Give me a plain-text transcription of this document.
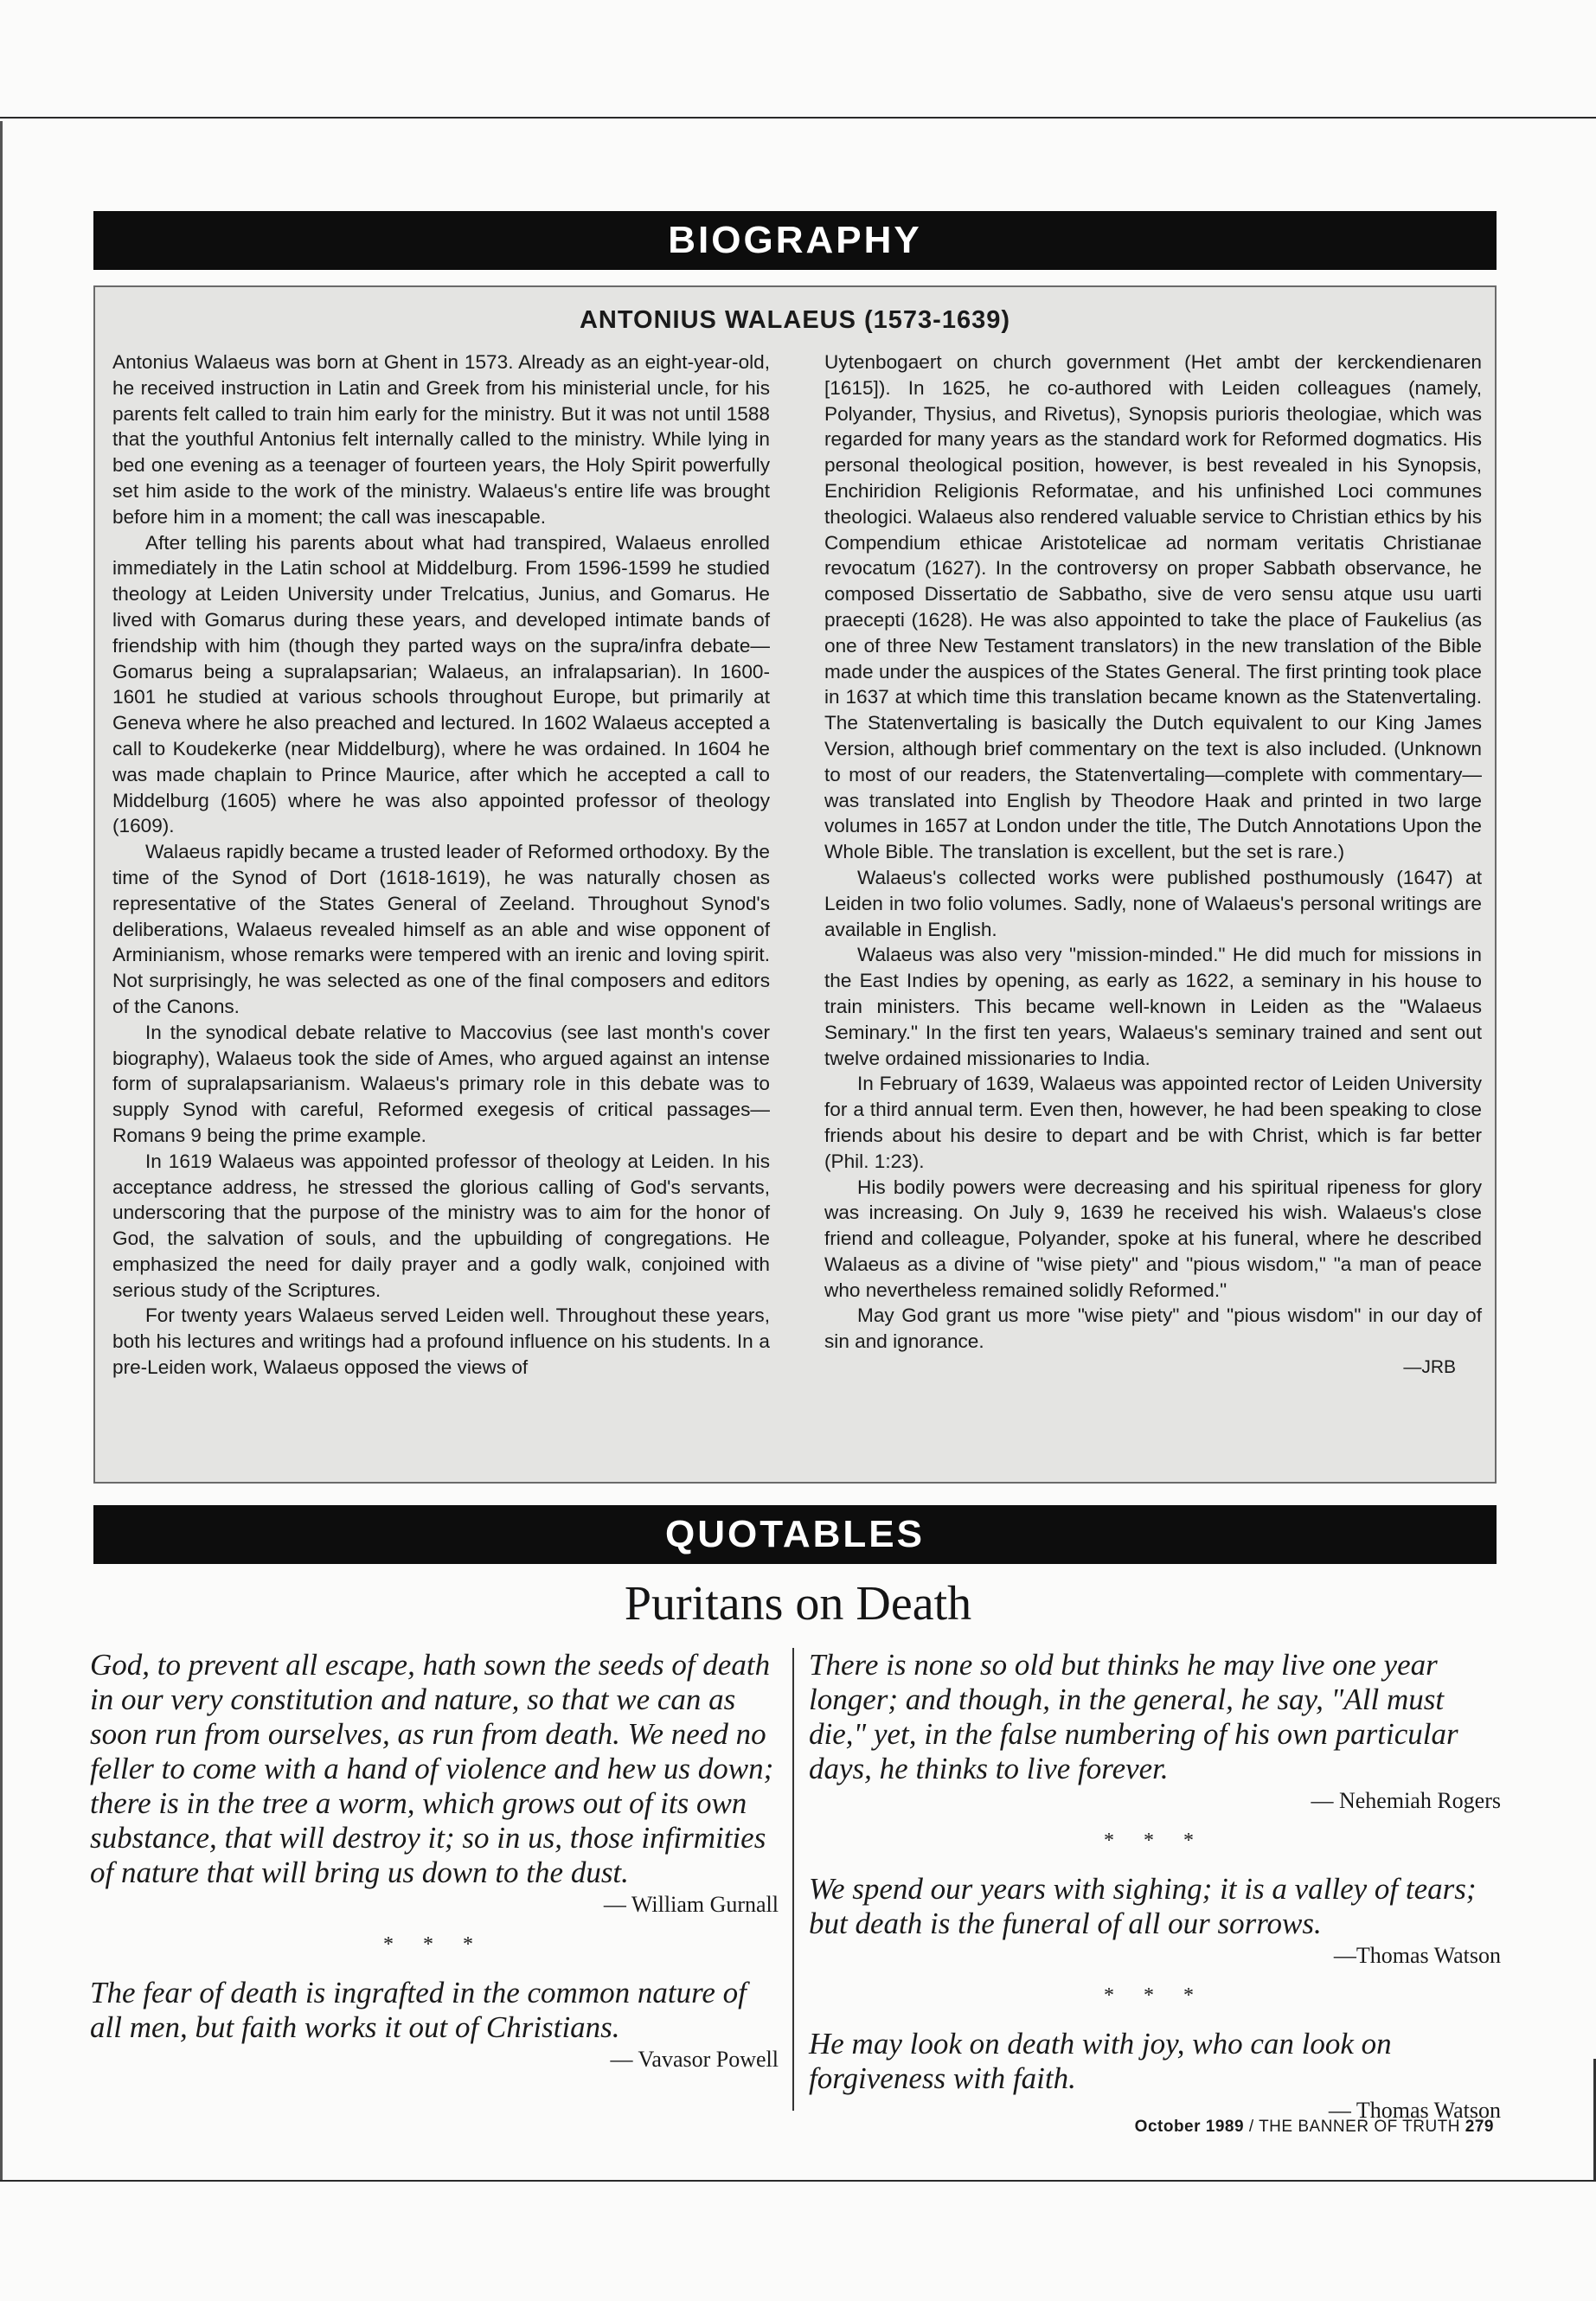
BIOGRAPHY
ANTONIUS WALAEUS (1573-1639)

Antonius Walaeus was born at Ghent in 1573. Already as an eight-year-old, he received instruction in Latin and Greek from his ministerial uncle, for his parents felt called to train him early for the ministry. But it was not until 1588 that the youthful Antonius felt internally called to the ministry. While lying in bed one evening as a teenager of fourteen years, the Holy Spirit powerfully set him aside to the work of the ministry. Walaeus's entire life was brought before him in a moment; the call was inescapable.

After telling his parents about what had transpired, Walaeus enrolled immediately in the Latin school at Middelburg. From 1596-1599 he studied theology at Leiden University under Trelcatius, Junius, and Gomarus. He lived with Gomarus during these years, and developed intimate bands of friendship with him (though they parted ways on the supra/infra debate—Gomarus being a supralapsarian; Walaeus, an infralapsarian). In 1600-1601 he studied at various schools throughout Europe, but primarily at Geneva where he also preached and lectured. In 1602 Walaeus accepted a call to Koudekerke (near Middelburg), where he was ordained. In 1604 he was made chaplain to Prince Maurice, after which he accepted a call to Middelburg (1605) where he was also appointed professor of theology (1609).

Walaeus rapidly became a trusted leader of Reformed orthodoxy. By the time of the Synod of Dort (1618-1619), he was naturally chosen as representative of the States General of Zeeland. Throughout Synod's deliberations, Walaeus revealed himself as an able and wise opponent of Arminianism, whose remarks were tempered with an irenic and loving spirit. Not surprisingly, he was selected as one of the final composers and editors of the Canons.

In the synodical debate relative to Maccovius (see last month's cover biography), Walaeus took the side of Ames, who argued against an intense form of supralapsarianism. Walaeus's primary role in this debate was to supply Synod with careful, Reformed exegesis of critical passages—Romans 9 being the prime example.

In 1619 Walaeus was appointed professor of theology at Leiden. In his acceptance address, he stressed the glorious calling of God's servants, underscoring that the purpose of the ministry was to aim for the honor of God, the salvation of souls, and the upbuilding of congregations. He emphasized the need for daily prayer and a godly walk, conjoined with serious study of the Scriptures.

For twenty years Walaeus served Leiden well. Throughout these years, both his lectures and writings had a profound influence on his students. In a pre-Leiden work, Walaeus opposed the views of

Uytenbogaert on church government (Het ambt der kerckendienaren [1615]). In 1625, he co-authored with Leiden colleagues (namely, Polyander, Thysius, and Rivetus), Synopsis purioris theologiae, which was regarded for many years as the standard work for Reformed dogmatics. His personal theological position, however, is best revealed in his Synopsis, Enchiridion Religionis Reformatae, and his unfinished Loci communes theologici. Walaeus also rendered valuable service to Christian ethics by his Compendium ethicae Aristotelicae ad normam veritatis Christianae revocatum (1627). In the controversy on proper Sabbath observance, he composed Dissertatio de Sabbatho, sive de vero sensu atque usu uarti praecepti (1628). He was also appointed to take the place of Faukelius (as one of three New Testament translators) in the new translation of the Bible made under the auspices of the States General. The first printing took place in 1637 at which time this translation became known as the Statenvertaling. The Statenvertaling is basically the Dutch equivalent to our King James Version, although brief commentary on the text is also included. (Unknown to most of our readers, the Statenvertaling—complete with commentary—was translated into English by Theodore Haak and printed in two large volumes in 1657 at London under the title, The Dutch Annotations Upon the Whole Bible. The translation is excellent, but the set is rare.)

Walaeus's collected works were published posthumously (1647) at Leiden in two folio volumes. Sadly, none of Walaeus's personal writings are available in English.

Walaeus was also very "mission-minded." He did much for missions in the East Indies by opening, as early as 1622, a seminary in his house to train ministers. This became well-known in Leiden as the "Walaeus Seminary." In the first ten years, Walaeus's seminary trained and sent out twelve ordained missionaries to India.

In February of 1639, Walaeus was appointed rector of Leiden University for a third annual term. Even then, however, he had been speaking to close friends about his desire to depart and be with Christ, which is far better (Phil. 1:23).

His bodily powers were decreasing and his spiritual ripeness for glory was increasing. On July 9, 1639 he received his wish. Walaeus's close friend and colleague, Polyander, spoke at his funeral, where he described Walaeus as a divine of "wise piety" and "pious wisdom," "a man of peace who nevertheless remained solidly Reformed."

May God grant us more "wise piety" and "pious wisdom" in our day of sin and ignorance.

—JRB
QUOTABLES
Puritans on Death
God, to prevent all escape, hath sown the seeds of death in our very constitution and nature, so that we can as soon run from ourselves, as run from death. We need no feller to come with a hand of violence and hew us down; there is in the tree a worm, which grows out of its own substance, that will destroy it; so in us, those infirmities of nature that will bring us down to the dust.
— William Gurnall
* * *
The fear of death is ingrafted in the common nature of all men, but faith works it out of Christians.
— Vavasor Powell
There is none so old but thinks he may live one year longer; and though, in the general, he say, "All must die," yet, in the false numbering of his own particular days, he thinks to live forever.
— Nehemiah Rogers
* * *
We spend our years with sighing; it is a valley of tears; but death is the funeral of all our sorrows.
—Thomas Watson
* * *
He may look on death with joy, who can look on forgiveness with faith.
— Thomas Watson
October 1989 / THE BANNER OF TRUTH 279
